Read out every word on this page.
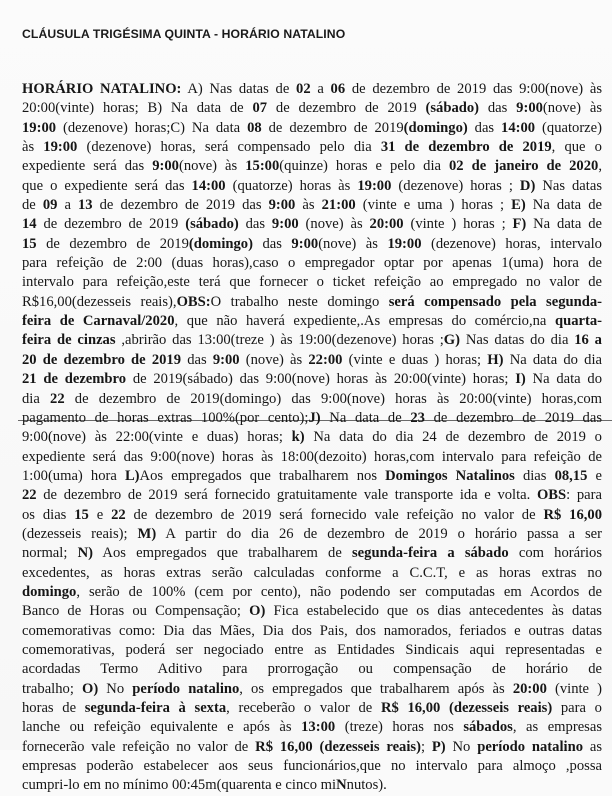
CLÁUSULA TRIGÉSIMA QUINTA - HORÁRIO NATALINO
HORÁRIO NATALINO: A) Nas datas de 02 a 06 de dezembro de 2019 das 9:00(nove) às
20:00(vinte) horas; B) Na data de 07 de dezembro de 2019 (sábado) das 9:00(nove) às
19:00 (dezenove) horas;C) Na data 08 de dezembro de 2019(domingo) das 14:00 (quatorze)
às 19:00 (dezenove) horas, será compensado pelo dia 31 de dezembro de 2019, que o
expediente será das 9:00(nove) às 15:00(quinze) horas e pelo dia 02 de janeiro de 2020,
que o expediente será das 14:00 (quatorze) horas às 19:00 (dezenove) horas ; D) Nas datas
de 09 a 13 de dezembro de 2019 das 9:00 às 21:00 (vinte e uma ) horas ; E) Na data de
14 de dezembro de 2019 (sábado) das 9:00 (nove) às 20:00 (vinte ) horas ; F) Na data de
15 de dezembro de 2019(domingo) das 9:00(nove) às 19:00 (dezenove) horas, intervalo
para refeição de 2:00 (duas horas),caso o empregador optar por apenas 1(uma) hora de
intervalo para refeição,este terá que fornecer o ticket refeição ao empregado no valor de
R$16,00(dezesseis reais),OBS:O trabalho neste domingo será compensado pela segunda-
feira de Carnaval/2020, que não haverá expediente,.As empresas do comércio,na quarta-
feira de cinzas ,abrirão das 13:00(treze ) às 19:00(dezenove) horas ;G) Nas datas do dia 16 a
20 de dezembro de 2019 das 9:00 (nove) às 22:00 (vinte e duas ) horas; H) Na data do dia
21 de dezembro de 2019(sábado) das 9:00(nove) horas às 20:00(vinte) horas; I) Na data do
dia 22 de dezembro de 2019(domingo) das 9:00(nove) horas às 20:00(vinte) horas,com
pagamento de horas extras 100%(por cento);J) Na data de 23 de dezembro de 2019 das
9:00(nove) às 22:00(vinte e duas) horas; k) Na data do dia 24 de dezembro de 2019 o
expediente será das 9:00(nove) horas às 18:00(dezoito) horas,com intervalo para refeição de
1:00(uma) hora L)Aos empregados que trabalharem nos Domingos Natalinos dias 08,15 e
22 de dezembro de 2019 será fornecido gratuitamente vale transporte ida e volta. OBS: para
os dias 15 e 22 de dezembro de 2019 será fornecido vale refeição no valor de R$ 16,00
(dezesseis reais); M) A partir do dia 26 de dezembro de 2019 o horário passa a ser
normal; N) Aos empregados que trabalharem de segunda-feira a sábado com horários
excedentes, as horas extras serão calculadas conforme a C.C.T, e as horas extras no
domingo, serão de 100% (cem por cento), não podendo ser computadas em Acordos de
Banco de Horas ou Compensação; O) Fica estabelecido que os dias antecedentes às datas
comemorativas como: Dia das Mães, Dia dos Pais, dos namorados, feriados e outras datas
comemorativas, poderá ser negociado entre as Entidades Sindicais aqui representadas e
acordadas Termo Aditivo para prorrogação ou compensação de horário de
trabalho; O) No período natalino, os empregados que trabalharem após às 20:00 (vinte )
horas de segunda-feira à sexta, receberão o valor de R$ 16,00 (dezesseis reais) para o
lanche ou refeição equivalente e após às 13:00 (treze) horas nos sábados, as empresas
fornecerão vale refeição no valor de R$ 16,00 (dezesseis reais); P) No período natalino as
empresas poderão estabelecer aos seus funcionários,que no intervalo para almoço ,possa
cumpri-lo em no mínimo 00:45m(quarenta e cinco miNnutos).
